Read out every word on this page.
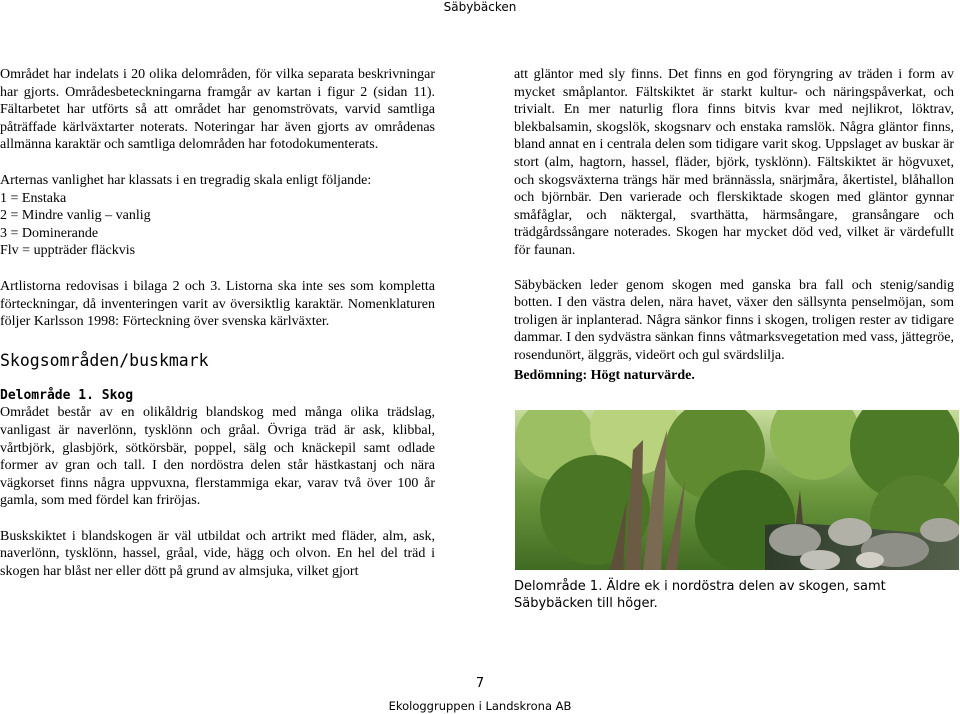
Säbybäcken

Området har indelats i 20 olika delområden, för vilka separata beskrivningar har gjorts. Områdesbeteckningarna framgår av kartan i figur 2 (sidan 11). Fältarbetet har utförts så att området har genomströvats, varvid samtliga påträffade kärlväxtarter noterats. Noteringar har även gjorts av områdenas allmänna karaktär och samtliga delområden har fotodokumenterats.

Arternas vanlighet har klassats i en tregradig skala enligt följande:

1 = Enstaka

2 = Mindre vanlig – vanlig

3 = Dominerande

Flv = uppträder fläckvis

Artlistorna redovisas i bilaga 2 och 3. Listorna ska inte ses som kompletta förteckningar, då inventeringen varit av översiktlig karaktär. Nomenklaturen följer Karlsson 1998: Förteckning över svenska kärlväxter.

Skogsområden/buskmark
Delområde 1. Skog

Området består av en olikåldrig blandskog med många olika trädslag, vanligast är naverlönn, tysklönn och gråal. Övriga träd är ask, klibbal, vårtbjörk, glasbjörk, sötkörsbär, poppel, sälg och knäckepil samt odlade former av gran och tall. I den nordöstra delen står hästkastanj och nära vägkorset finns några uppvuxna, flerstammiga ekar, varav två över 100 år gamla, som med fördel kan friröjas.

Buskskiktet i blandskogen är väl utbildat och artrikt med fläder, alm, ask, naverlönn, tysklönn, hassel, gråal, vide, hägg och olvon. En hel del träd i skogen har blåst ner eller dött på grund av almsjuka, vilket gjort

att gläntor med sly finns. Det finns en god föryngring av träden i form av mycket småplantor. Fältskiktet är starkt kultur- och näringspåverkat, och trivialt. En mer naturlig flora finns bitvis kvar med nejlikrot, löktrav, blekbalsamin, skogslök, skogsnarv och enstaka ramslök. Några gläntor finns, bland annat en i centrala delen som tidigare varit skog. Uppslaget av buskar är stort (alm, hagtorn, hassel, fläder, björk, tysklönn). Fältskiktet är högvuxet, och skogsväxterna trängs här med brännässla, snärjmåra, åkertistel, blåhallon och björnbär. Den varierade och flerskiktade skogen med gläntor gynnar småfåglar, och näktergal, svarthätta, härmsångare, gransångare och trädgårdssångare noterades. Skogen har mycket död ved, vilket är värdefullt för faunan.

Säbybäcken leder genom skogen med ganska bra fall och stenig/sandig botten. I den västra delen, nära havet, växer den sällsynta penselmöjan, som troligen är inplanterad. Några sänkor finns i skogen, troligen rester av tidigare dammar. I den sydvästra sänkan finns våtmarksvegetation med vass, jättegröe, rosendunört, älggräs, videört och gul svärdslilja.

Bedömning: Högt naturvärde.

Delområde 1. Äldre ek i nordöstra delen av skogen, samt Säbybäcken till höger.
7
Ekologgruppen i Landskrona AB
